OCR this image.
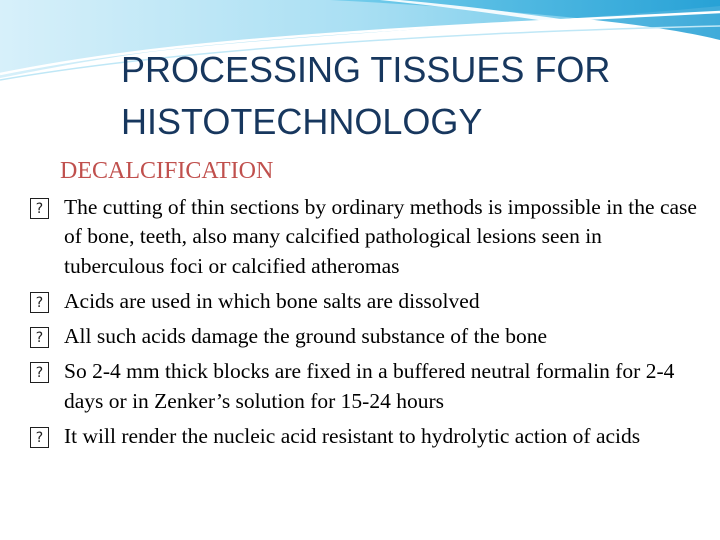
PROCESSING TISSUES FOR
HISTOTECHNOLOGY
DECALCIFICATION
?
The cutting of thin sections by ordinary methods is impossible in the case of bone, teeth, also many calcified pathological lesions seen in tuberculous foci or calcified atheromas
?
Acids are used in which bone salts are dissolved
?
All such acids damage the ground substance of the bone
?
So 2-4 mm thick blocks are fixed in a buffered neutral formalin for 2-4 days or in Zenker’s solution for 15-24 hours
?
It will render the nucleic acid resistant to hydrolytic action of acids
